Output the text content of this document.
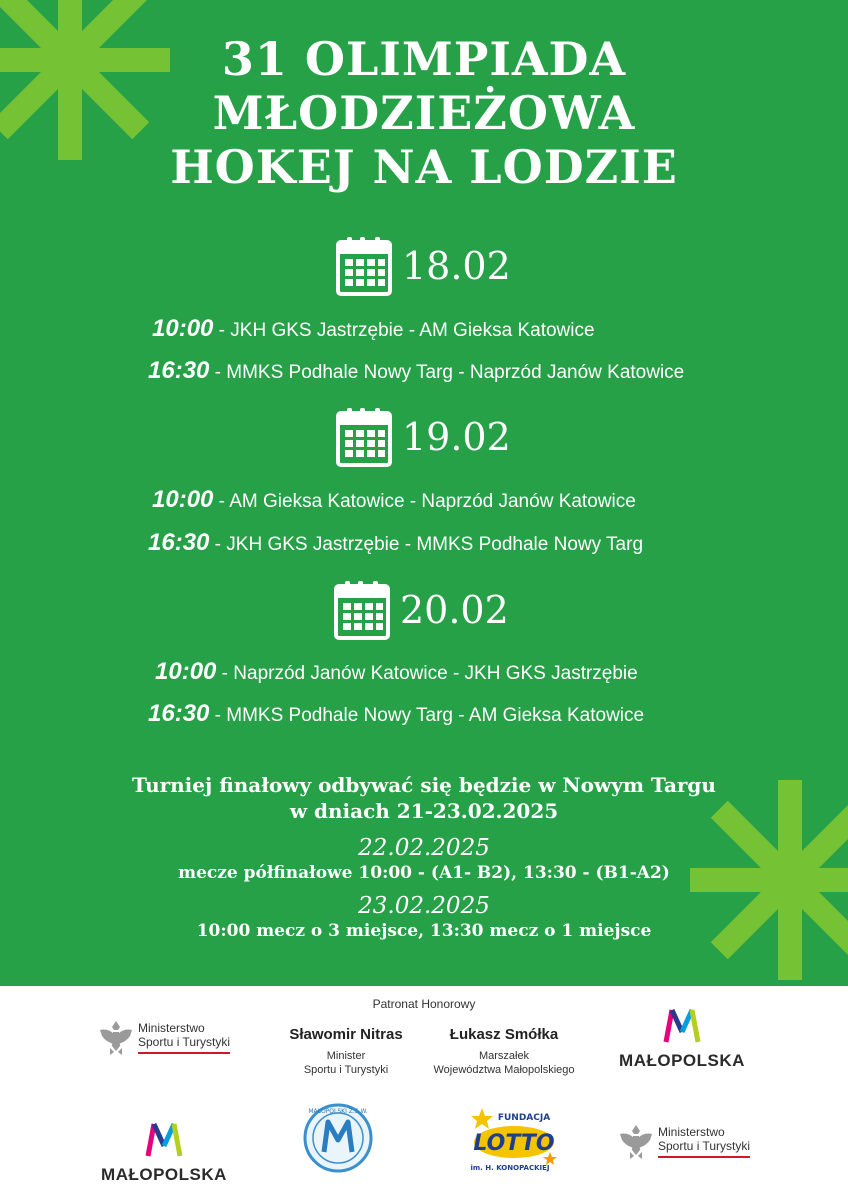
31 OLIMPIADA
MŁODZIEŻOWA
HOKEJ NA LODZIE
18.02
10:00 - JKH GKS Jastrzębie - AM Gieksa Katowice
16:30 - MMKS Podhale Nowy Targ - Naprzód Janów Katowice
19.02
10:00 - AM Gieksa Katowice - Naprzód Janów Katowice
16:30 - JKH GKS Jastrzębie - MMKS Podhale Nowy Targ
20.02
10:00 - Naprzód Janów Katowice - JKH GKS Jastrzębie
16:30 - MMKS Podhale Nowy Targ - AM Gieksa Katowice
Turniej finałowy odbywać się będzie w Nowym Targu
w dniach 21-23.02.2025
22.02.2025
mecze półfinałowe 10:00 - (A1- B2), 13:30 - (B1-A2)
23.02.2025
10:00 mecz o 3 miejsce, 13:30 mecz o 1 miejsce
Patronat Honorowy
Ministerstwo
Sportu i Turystyki	Sławomir Nitras
Minister
Sportu i Turystyki
Łukasz Smółka
Marszałek
Województwa Małopolskiego	MAŁOPOLSKA
MAŁOPOLSKA
MAŁOPOLSKI Z.S.W.
FUNDACJA
LOTTO
im. H. KONOPACKIEJ
Ministerstwo
Sportu i Turystyki
